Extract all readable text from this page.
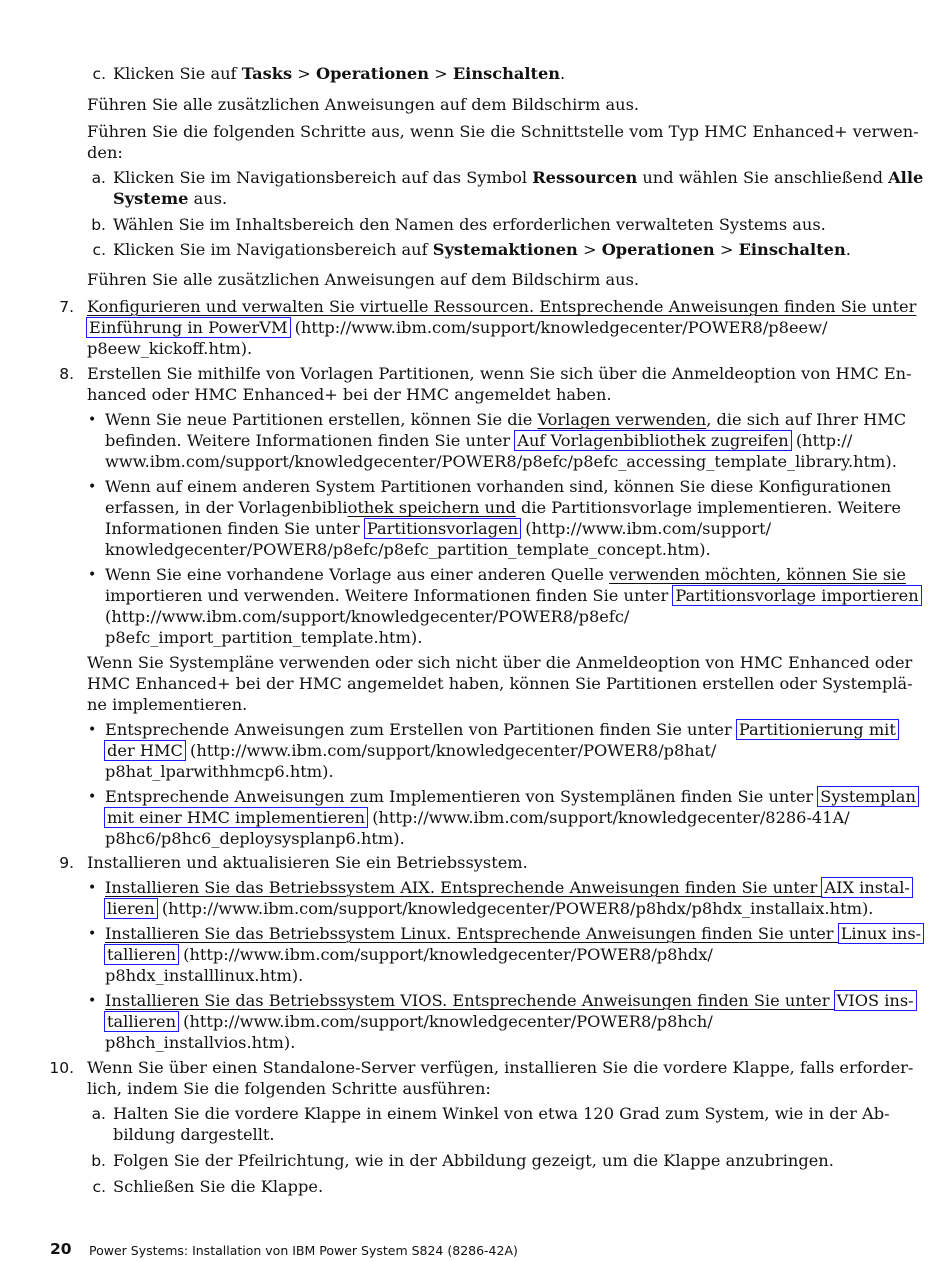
c. Klicken Sie auf Tasks > Operationen > Einschalten.
Führen Sie alle zusätzlichen Anweisungen auf dem Bildschirm aus.
Führen Sie die folgenden Schritte aus, wenn Sie die Schnittstelle vom Typ HMC Enhanced+ verwen-
den:
a. Klicken Sie im Navigationsbereich auf das Symbol Ressourcen und wählen Sie anschließend Alle
Systeme aus.
b. Wählen Sie im Inhaltsbereich den Namen des erforderlichen verwalteten Systems aus.
c. Klicken Sie im Navigationsbereich auf Systemaktionen > Operationen > Einschalten.
Führen Sie alle zusätzlichen Anweisungen auf dem Bildschirm aus.
7. Konfigurieren und verwalten Sie virtuelle Ressourcen. Entsprechende Anweisungen finden Sie unter
Einführung in PowerVM (http://www.ibm.com/support/knowledgecenter/POWER8/p8eew/
p8eew_kickoff.htm).
8. Erstellen Sie mithilfe von Vorlagen Partitionen, wenn Sie sich über die Anmeldeoption von HMC En-
hanced oder HMC Enhanced+ bei der HMC angemeldet haben.
• Wenn Sie neue Partitionen erstellen, können Sie die Vorlagen verwenden, die sich auf Ihrer HMC
befinden. Weitere Informationen finden Sie unter Auf Vorlagenbibliothek zugreifen (http://
www.ibm.com/support/knowledgecenter/POWER8/p8efc/p8efc_accessing_template_library.htm).
• Wenn auf einem anderen System Partitionen vorhanden sind, können Sie diese Konfigurationen
erfassen, in der Vorlagenbibliothek speichern und die Partitionsvorlage implementieren. Weitere
Informationen finden Sie unter Partitionsvorlagen (http://www.ibm.com/support/
knowledgecenter/POWER8/p8efc/p8efc_partition_template_concept.htm).
• Wenn Sie eine vorhandene Vorlage aus einer anderen Quelle verwenden möchten, können Sie sie
importieren und verwenden. Weitere Informationen finden Sie unter Partitionsvorlage importieren
(http://www.ibm.com/support/knowledgecenter/POWER8/p8efc/
p8efc_import_partition_template.htm).
Wenn Sie Systempläne verwenden oder sich nicht über die Anmeldeoption von HMC Enhanced oder
HMC Enhanced+ bei der HMC angemeldet haben, können Sie Partitionen erstellen oder Systemplä-
ne implementieren.
• Entsprechende Anweisungen zum Erstellen von Partitionen finden Sie unter Partitionierung mit
der HMC (http://www.ibm.com/support/knowledgecenter/POWER8/p8hat/
p8hat_lparwithhmcp6.htm).
• Entsprechende Anweisungen zum Implementieren von Systemplänen finden Sie unter Systemplan
mit einer HMC implementieren (http://www.ibm.com/support/knowledgecenter/8286-41A/
p8hc6/p8hc6_deploysysplanp6.htm).
9. Installieren und aktualisieren Sie ein Betriebssystem.
• Installieren Sie das Betriebssystem AIX. Entsprechende Anweisungen finden Sie unter AIX instal-
lieren (http://www.ibm.com/support/knowledgecenter/POWER8/p8hdx/p8hdx_installaix.htm).
• Installieren Sie das Betriebssystem Linux. Entsprechende Anweisungen finden Sie unter Linux ins-
tallieren (http://www.ibm.com/support/knowledgecenter/POWER8/p8hdx/
p8hdx_installlinux.htm).
• Installieren Sie das Betriebssystem VIOS. Entsprechende Anweisungen finden Sie unter VIOS ins-
tallieren (http://www.ibm.com/support/knowledgecenter/POWER8/p8hch/
p8hch_installvios.htm).
10. Wenn Sie über einen Standalone-Server verfügen, installieren Sie die vordere Klappe, falls erforder-
lich, indem Sie die folgenden Schritte ausführen:
a. Halten Sie die vordere Klappe in einem Winkel von etwa 120 Grad zum System, wie in der Ab-
bildung dargestellt.
b. Folgen Sie der Pfeilrichtung, wie in der Abbildung gezeigt, um die Klappe anzubringen.
c. Schließen Sie die Klappe.
20 Power Systems: Installation von IBM Power System S824 (8286-42A)
